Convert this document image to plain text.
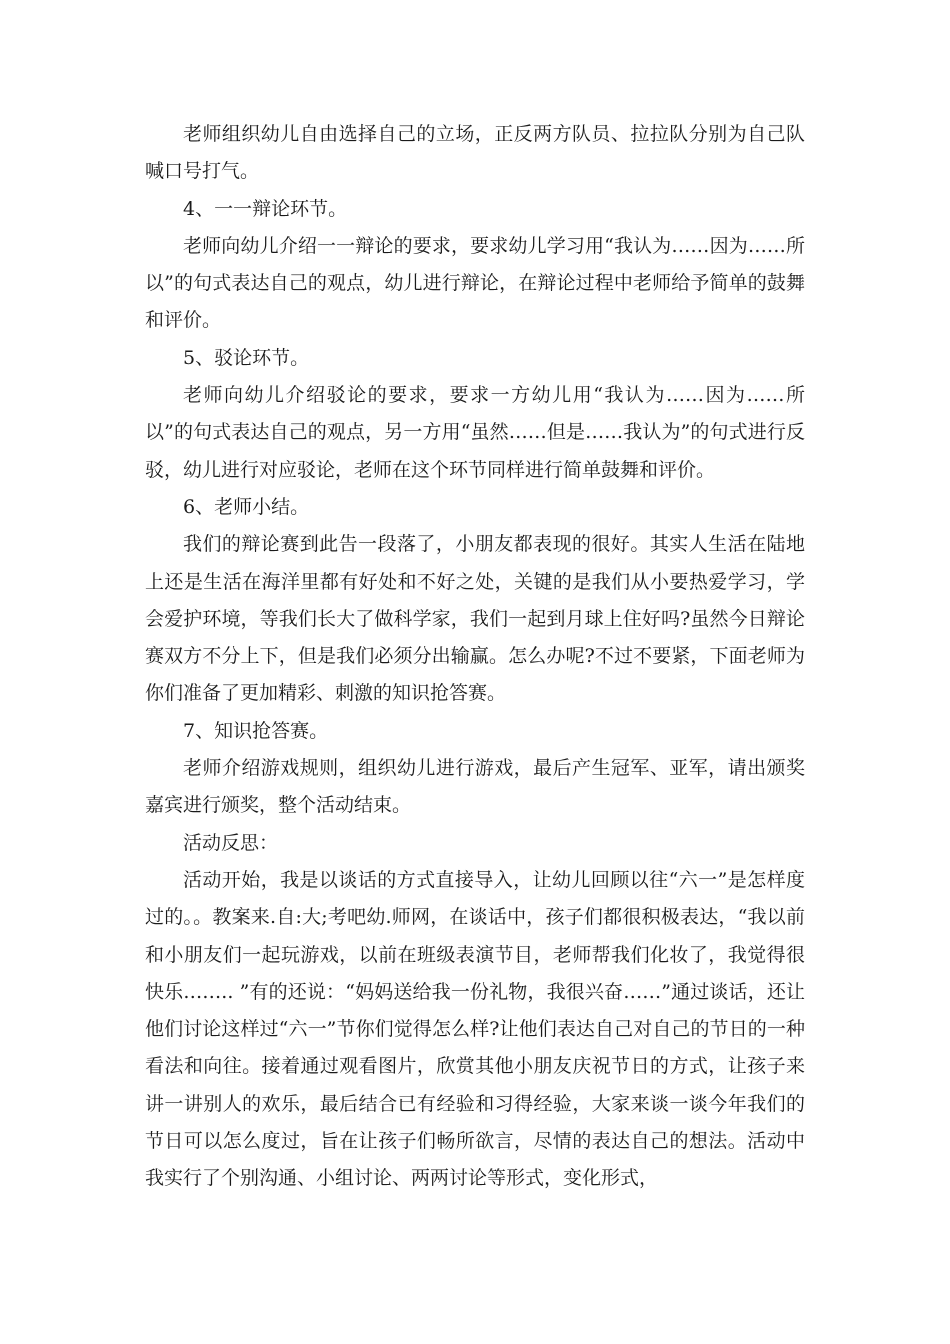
老师组织幼儿自由选择自己的立场，正反两方队员、拉拉队分别为自己队喊口号打气。

4、一一辩论环节。

老师向幼儿介绍一一辩论的要求，要求幼儿学习用“我认为……因为……所以”的句式表达自己的观点，幼儿进行辩论，在辩论过程中老师给予简单的鼓舞和评价。

5、驳论环节。

老师向幼儿介绍驳论的要求，要求一方幼儿用“我认为……因为……所以”的句式表达自己的观点，另一方用“虽然……但是……我认为”的句式进行反驳，幼儿进行对应驳论，老师在这个环节同样进行简单鼓舞和评价。

6、老师小结。

我们的辩论赛到此告一段落了，小朋友都表现的很好。其实人生活在陆地上还是生活在海洋里都有好处和不好之处，关键的是我们从小要热爱学习，学会爱护环境，等我们长大了做科学家，我们一起到月球上住好吗?虽然今日辩论赛双方不分上下，但是我们必须分出输赢。怎么办呢?不过不要紧，下面老师为你们准备了更加精彩、刺激的知识抢答赛。

7、知识抢答赛。

老师介绍游戏规则，组织幼儿进行游戏，最后产生冠军、亚军，请出颁奖嘉宾进行颁奖，整个活动结束。

活动反思：

活动开始，我是以谈话的方式直接导入，让幼儿回顾以往“六一”是怎样度过的。。教案来.自:大;考吧幼.师网，在谈话中，孩子们都很积极表达，“我以前和小朋友们一起玩游戏，以前在班级表演节目，老师帮我们化妆了，我觉得很快乐…….. ”有的还说：“妈妈送给我一份礼物，我很兴奋……”通过谈话，还让他们讨论这样过“六一”节你们觉得怎么样?让他们表达自己对自己的节日的一种看法和向往。接着通过观看图片，欣赏其他小朋友庆祝节日的方式，让孩子来讲一讲别人的欢乐，最后结合已有经验和习得经验，大家来谈一谈今年我们的节日可以怎么度过，旨在让孩子们畅所欲言，尽情的表达自己的想法。活动中我实行了个别沟通、小组讨论、两两讨论等形式，变化形式，
